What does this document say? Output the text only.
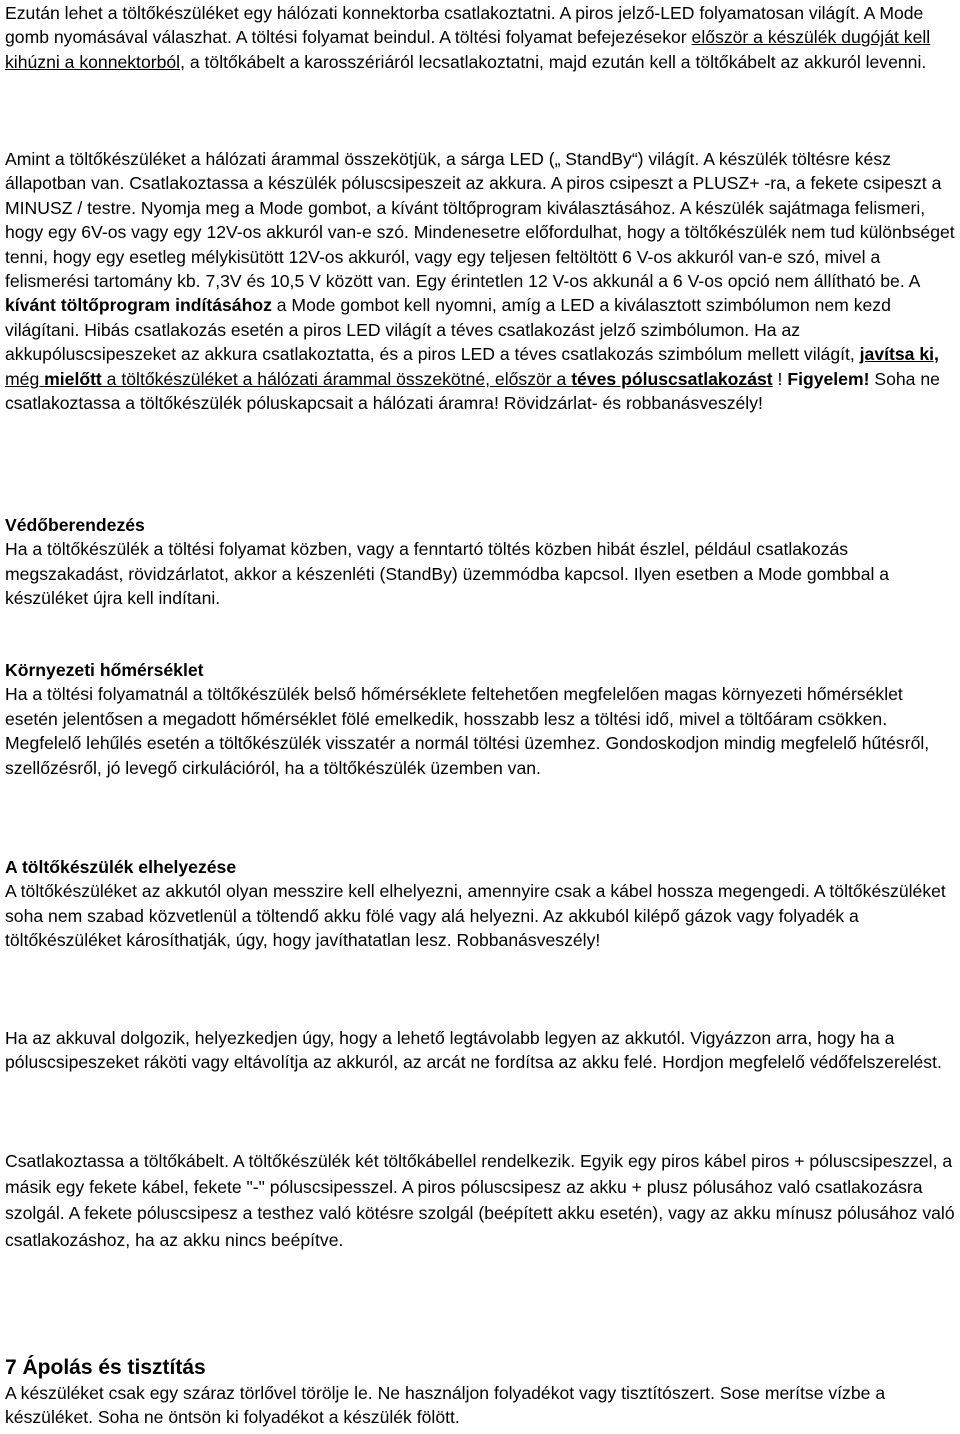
Ezután lehet a töltőkészüléket egy hálózati konnektorba csatlakoztatni. A piros jelző-LED folyamatosan világít. A Mode gomb nyomásával válaszhat. A töltési folyamat beindul. A töltési folyamat befejezésekor először a készülék dugóját kell kihúzni a konnektorból, a töltőkábelt a karosszériáról lecsatlakoztatni, majd ezután kell a töltőkábelt az akkuról levenni.

Amint a töltőkészüléket a hálózati árammal összekötjük, a sárga LED („ StandBy“) világít. A készülék töltésre kész állapotban van. Csatlakoztassa a készülék póluscsipeszeit az akkura. A piros csipeszt a PLUSZ+ -ra, a fekete csipeszt a MINUSZ / testre. Nyomja meg a Mode gombot, a kívánt töltőprogram kiválasztásához. A készülék sajátmaga felismeri, hogy egy 6V-os vagy egy 12V-os akkuról van-e szó. Mindenesetre előfordulhat, hogy a töltőkészülék nem tud különbséget tenni, hogy egy esetleg mélykisütött 12V-os akkuról, vagy egy teljesen feltöltött 6 V-os akkuról van-e szó, mivel a felismerési tartomány kb. 7,3V és 10,5 V között van. Egy érintetlen 12 V-os akkunál a 6 V-os opció nem állítható be. A kívánt töltőprogram indításához a Mode gombot kell nyomni, amíg a LED a kiválasztott szimbólumon nem kezd világítani. Hibás csatlakozás esetén a piros LED világít a téves csatlakozást jelző szimbólumon. Ha az akkupóluscsipeszeket az akkura csatlakoztatta, és a piros LED a téves csatlakozás szimbólum mellett világít, javítsa ki, még mielőtt a töltőkészüléket a hálózati árammal összekötné, először a téves póluscsatlakozást ! Figyelem! Soha ne csatlakoztassa a töltőkészülék póluskapcsait a hálózati áramra! Rövidzárlat- és robbanásveszély!

Védőberendezés
Ha a töltőkészülék a töltési folyamat közben, vagy a fenntartó töltés közben hibát észlel, például csatlakozás megszakadást, rövidzárlatot, akkor a készenléti (StandBy) üzemmódba kapcsol. Ilyen esetben a Mode gombbal a készüléket újra kell indítani.

Környezeti hőmérséklet
Ha a töltési folyamatnál a töltőkészülék belső hőmérséklete feltehetően megfelelően magas környezeti hőmérséklet esetén jelentősen a megadott hőmérséklet fölé emelkedik, hosszabb lesz a töltési idő, mivel a töltőáram csökken. Megfelelő lehűlés esetén a töltőkészülék visszatér a normál töltési üzemhez. Gondoskodjon mindig megfelelő hűtésről, szellőzésről, jó levegő cirkulációról, ha a töltőkészülék üzemben van.

A töltőkészülék elhelyezése
A töltőkészüléket az akkutól olyan messzire kell elhelyezni, amennyire csak a kábel hossza megengedi. A töltőkészüléket soha nem szabad közvetlenül a töltendő akku fölé vagy alá helyezni. Az akkuból kilépő gázok vagy folyadék a töltőkészüléket károsíthatják, úgy, hogy javíthatatlan lesz. Robbanásveszély!

Ha az akkuval dolgozik, helyezkedjen úgy, hogy a lehető legtávolabb legyen az akkutól. Vigyázzon arra, hogy ha a póluscsipeszeket ráköti vagy eltávolítja az akkuról, az arcát ne fordítsa az akku felé. Hordjon megfelelő védőfelszerelést.

Csatlakoztassa a töltőkábelt. A töltőkészülék két töltőkábellel rendelkezik. Egyik egy piros kábel piros + póluscsipeszzel, a másik egy fekete kábel, fekete "-" póluscsipesszel. A piros póluscsipesz az akku + plusz pólusához való csatlakozásra szolgál. A fekete póluscsipesz a testhez való kötésre szolgál (beépített akku esetén), vagy az akku mínusz pólusához való csatlakozáshoz, ha az akku nincs beépítve.

7 Ápolás és tisztítás
A készüléket csak egy száraz törlővel törölje le. Ne használjon folyadékot vagy tisztítószert. Sose merítse vízbe a készüléket. Soha ne öntsön ki folyadékot a készülék fölött.
